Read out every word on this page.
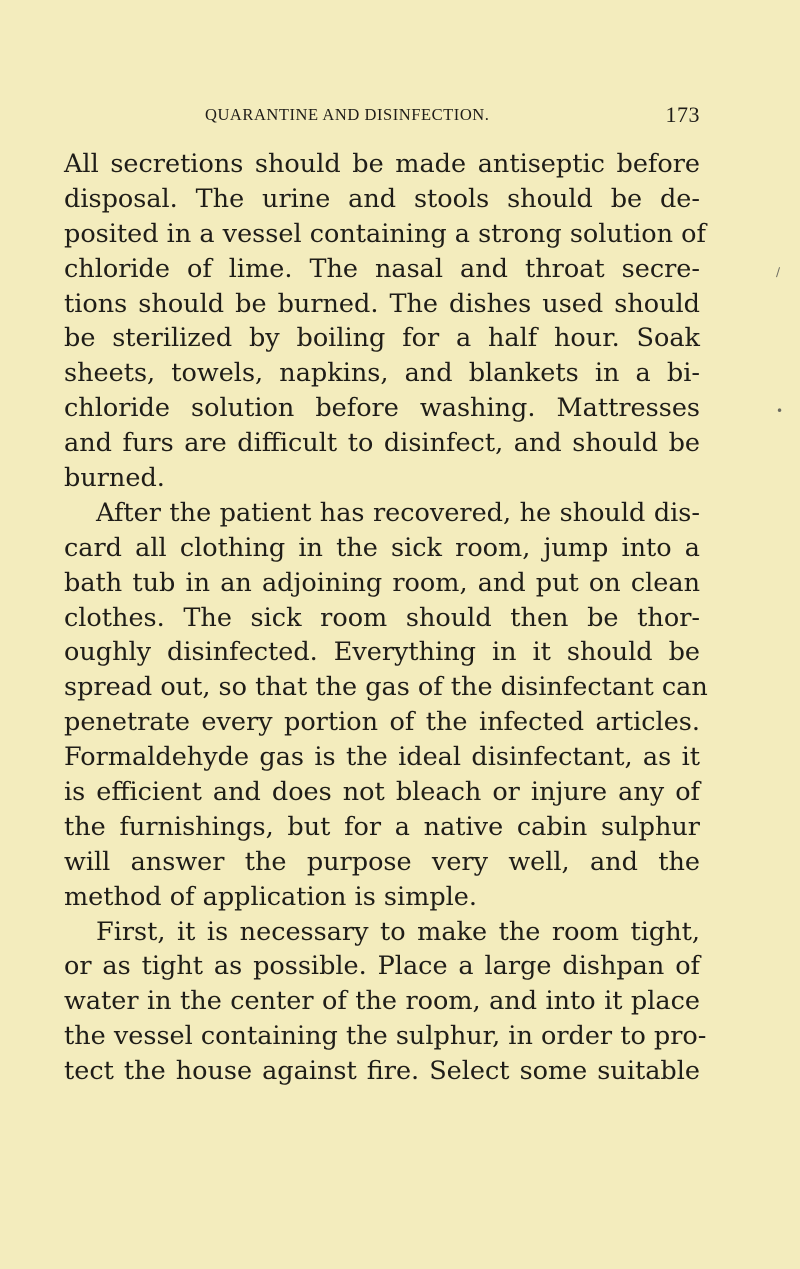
QUARANTINE AND DISINFECTION.	173
All secretions should be made antiseptic before
disposal. The urine and stools should be de-
posited in a vessel containing a strong solution of
chloride of lime. The nasal and throat secre-
tions should be burned. The dishes used should
be sterilized by boiling for a half hour. Soak
sheets, towels, napkins, and blankets in a bi-
chloride solution before washing. Mattresses
and furs are difficult to disinfect, and should be
burned.
After the patient has recovered, he should dis-
card all clothing in the sick room, jump into a
bath tub in an adjoining room, and put on clean
clothes. The sick room should then be thor-
oughly disinfected. Everything in it should be
spread out, so that the gas of the disinfectant can
penetrate every portion of the infected articles.
Formaldehyde gas is the ideal disinfectant, as it
is efficient and does not bleach or injure any of
the furnishings, but for a native cabin sulphur
will answer the purpose very well, and the
method of application is simple.
First, it is necessary to make the room tight,
or as tight as possible. Place a large dishpan of
water in the center of the room, and into it place
the vessel containing the sulphur, in order to pro-
tect the house against fire. Select some suitable
∕
•
